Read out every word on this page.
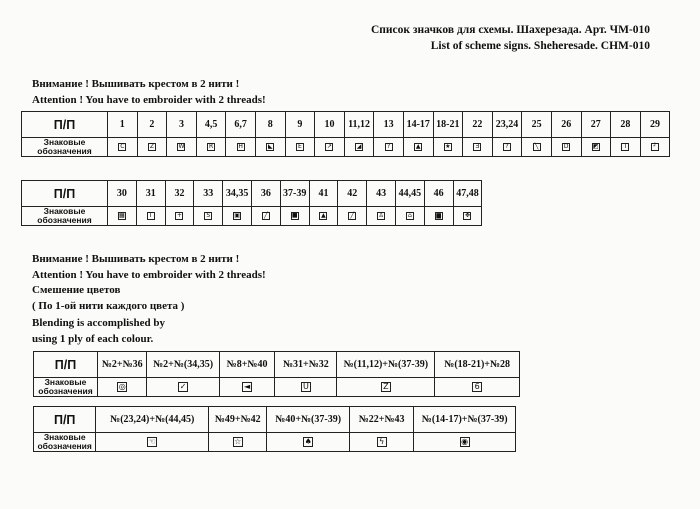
Список значков для схемы. Шахерезада. Арт. ЧМ-010
List of scheme signs. Sheheresade. CHM-010
Внимание ! Вышивать крестом в 2 нити !
Attention ! You have to embroider with 2 threads!
П/П	1	2	3	4,5	6,7	8	9	10	11,12	13	14-17	18-21	22	23,24	25	26	27	28	29

Знаковые
обозначения	C	Z	W	R	H	◣	E	↗	◢	?	▲	★	Ǝ	?	╲	D	◩	I	┘
П/П	30	31	32	33	34,35	36	37-39	41	42	43	44,45	46	47,48

Знаковые
обозначения	▦	T	+	S	▣	╱	■	▲	╱	♙	⌂	▆	✥
Внимание ! Вышивать крестом в 2 нити !
Attention ! You have to embroider with 2 threads!
Смешение цветов
( По 1-ой нити каждого цвета )
Blending is accomplished by
using 1 ply of each colour.
П/П	№2+№36	№2+№(34,35)	№8+№40	№31+№32	№(11,12)+№(37-39)	№(18-21)+№28

Знаковые
обозначения	◎	✓	◄	U	Z	6
П/П	№(23,24)+№(44,45)	№49+№42	№40+№(37-39)	№22+№43	№(14-17)+№(37-39)

Знаковые
обозначения	☜	☆	♠	ϟ	◉
